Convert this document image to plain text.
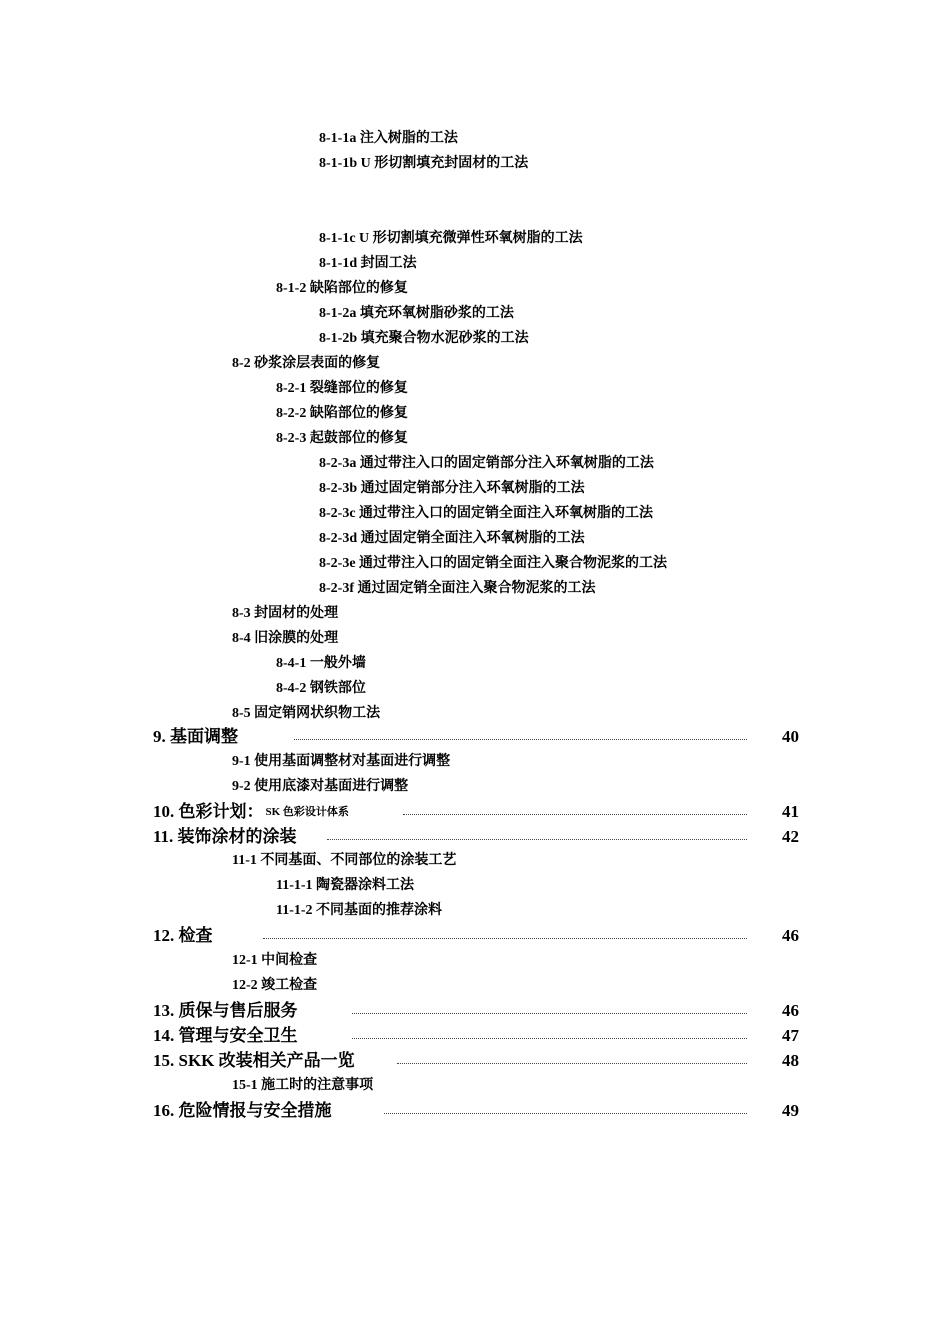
8-1-1a 注入树脂的工法
8-1-1b U 形切割填充封固材的工法
8-1-1c U 形切割填充微弹性环氧树脂的工法
8-1-1d 封固工法
8-1-2 缺陷部位的修复
8-1-2a 填充环氧树脂砂浆的工法
8-1-2b 填充聚合物水泥砂浆的工法
8-2 砂浆涂层表面的修复
8-2-1 裂缝部位的修复
8-2-2 缺陷部位的修复
8-2-3 起鼓部位的修复
8-2-3a 通过带注入口的固定销部分注入环氧树脂的工法
8-2-3b 通过固定销部分注入环氧树脂的工法
8-2-3c 通过带注入口的固定销全面注入环氧树脂的工法
8-2-3d 通过固定销全面注入环氧树脂的工法
8-2-3e 通过带注入口的固定销全面注入聚合物泥浆的工法
8-2-3f 通过固定销全面注入聚合物泥浆的工法
8-3 封固材的处理
8-4 旧涂膜的处理
8-4-1 一般外墙
8-4-2 钢铁部位
8-5 固定销网状织物工法
9. 基面调整	40
9-1 使用基面调整材对基面进行调整
9-2 使用底漆对基面进行调整
10. 色彩计划： SK 色彩设计体系	41
11. 装饰涂材的涂装	42
11-1 不同基面、不同部位的涂装工艺
11-1-1 陶瓷器涂料工法
11-1-2 不同基面的推荐涂料
12. 检查	46
12-1 中间检查
12-2 竣工检查
13. 质保与售后服务	46
14. 管理与安全卫生	47
15. SKK 改装相关产品一览	48
15-1 施工时的注意事项
16. 危险情报与安全措施	49
